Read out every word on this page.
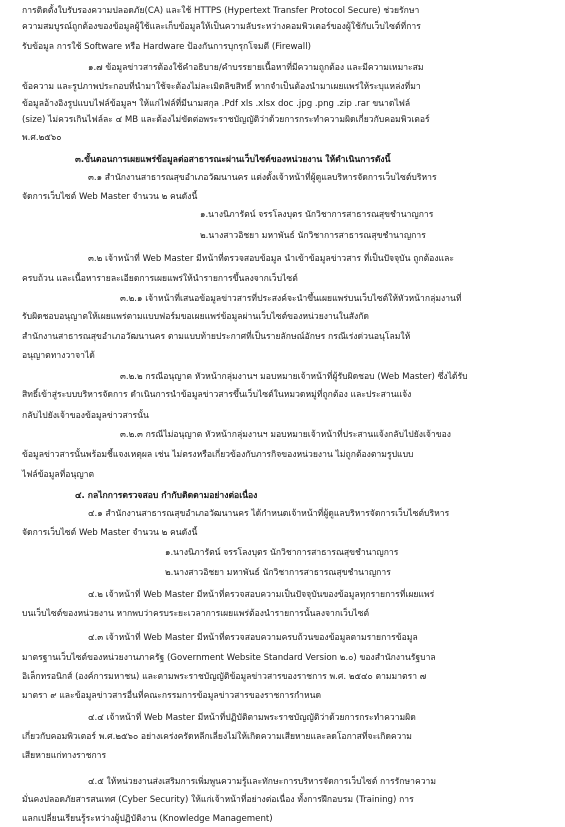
การติดตั้งใบรับรองความปลอดภัย(CA) และใช้ HTTPS (Hypertext Transfer Protocol Secure) ช่วยรักษา

ความสมบูรณ์ถูกต้องของข้อมูลผู้ใช้และเก็บข้อมูลให้เป็นความลับระหว่างคอมพิวเตอร์ของผู้ใช้กับเว็บไซต์ที่การ

รับข้อมูล การใช้ Software หรือ Hardware ป้องกันการบุกรุกโจมตี (Firewall)

๑.๗ ข้อมูลข่าวสารต้องใช้คำอธิบาย/คำบรรยายเนื้อหาที่มีความถูกต้อง และมีความเหมาะสม

ข้อความ และรูปภาพประกอบที่นำมาใช้จะต้องไม่ละเมิดลิขสิทธิ์ หากจำเป็นต้องนำมาเผยแพร่ให้ระบุแหล่งที่มา

ข้อมูลอ้างอิงรูปแบบไฟล์ข้อมูลฯ ให้แก่ไฟล์ที่มีนามสกุล .Pdf xls .xlsx doc .jpg .png .zip .rar ขนาดไฟล์

(size) ไม่ควรเกินไฟล์ละ ๔ MB และต้องไม่ขัดต่อพระราชบัญญัติว่าด้วยการกระทำความผิดเกี่ยวกับคอมพิวเตอร์

พ.ศ.๒๕๖๐

๓.ขั้นตอนการเผยแพร่ข้อมูลต่อสาธารณะผ่านเว็บไซต์ของหน่วยงาน ให้ดำเนินการดังนี้

๓.๑ สำนักงานสาธารณสุขอำเภอวัฒนานคร แต่งตั้งเจ้าหน้าที่ผู้ดูแลบริหารจัดการเว็บไซต์บริหาร

จัดการเว็บไซต์ Web Master จำนวน ๒ คนดังนี้

๑.นางนิภารัตน์ จรรโลงบุตร นักวิชาการสาธารณสุขชำนาญการ

๒.นางสาวอิชยา มหาพันธ์ นักวิชาการสาธารณสุขชำนาญการ

๓.๒ เจ้าหน้าที่ Web Master มีหน้าที่ตรวจสอบข้อมูล นำเข้าข้อมูลข่าวสาร ที่เป็นปัจจุบัน ถูกต้องและ

ครบถ้วน และเนื้อหารายละเอียดการเผยแพร่ให้นำรายการขึ้นลงจากเว็บไซต์

๓.๒.๑ เจ้าหน้าที่เสนอข้อมูลข่าวสารที่ประสงค์จะนำขึ้นเผยแพร่บนเว็บไซต์ให้หัวหน้ากลุ่มงานที่

รับผิดชอบอนุญาตให้เผยแพร่ตามแบบฟอร์มขอเผยแพร่ข้อมูลผ่านเว็บไซต์ของหน่วยงานในสังกัด

สำนักงานสาธารณสุขอำเภอวัฒนานคร ตามแบบท้ายประกาศที่เป็นรายลักษณ์อักษร กรณีเร่งด่วนอนุโลมให้

อนุญาตทางวาจาได้

๓.๒.๒ กรณีอนุญาต หัวหน้ากลุ่มงานฯ มอบหมายเจ้าหน้าที่ผู้รับผิดชอบ (Web Master) ซึ่งได้รับ

สิทธิ์เข้าสู่ระบบบริหารจัดการ ดำเนินการนำข้อมูลข่าวสารขึ้นเว็บไซต์ในหมวดหมู่ที่ถูกต้อง และประสานแจ้ง

กลับไปยังเจ้าของข้อมูลข่าวสารนั้น

๓.๒.๓ กรณีไม่อนุญาต หัวหน้ากลุ่มงานฯ มอบหมายเจ้าหน้าที่ประสานแจ้งกลับไปยังเจ้าของ

ข้อมูลข่าวสารนั้นพร้อมชี้แจงเหตุผล เช่น ไม่ตรงหรือเกี่ยวข้องกับภารกิจของหน่วยงาน ไม่ถูกต้องตามรูปแบบ

ไฟล์ข้อมูลที่อนุญาต

๔. กลไกการตรวจสอบ กำกับติดตามอย่างต่อเนื่อง

๔.๑ สำนักงานสาธารณสุขอำเภอวัฒนานคร ได้กำหนดเจ้าหน้าที่ผู้ดูแลบริหารจัดการเว็บไซต์บริหาร

จัดการเว็บไซต์ Web Master จำนวน ๒ คนดังนี้

๑.นางนิภารัตน์ จรรโลงบุตร นักวิชาการสาธารณสุขชำนาญการ

๒.นางสาวอิชยา มหาพันธ์ นักวิชาการสาธารณสุขชำนาญการ

๔.๒ เจ้าหน้าที่ Web Master มีหน้าที่ตรวจสอบความเป็นปัจจุบันของข้อมูลทุกรายการที่เผยแพร่

บนเว็บไซต์ของหน่วยงาน หากพบว่าครบระยะเวลาการเผยแพร่ต้องนำรายการนั้นลงจากเว็บไซต์

๔.๓ เจ้าหน้าที่ Web Master มีหน้าที่ตรวจสอบความครบถ้วนของข้อมูลตามรายการข้อมูล

มาตรฐานเว็บไซต์ของหน่วยงานภาครัฐ (Government Website Standard Version ๒.๐) ของสำนักงานรัฐบาล

อิเล็กทรอนิกส์ (องค์การมหาชน) และตามพระราชบัญญัติข้อมูลข่าวสารของราชการ พ.ศ. ๒๕๔๐ ตามมาตรา ๗

มาตรา ๙ และข้อมูลข่าวสารอื่นที่คณะกรรมการข้อมูลข่าวสารของราชการกำหนด

๔.๔ เจ้าหน้าที่ Web Master มีหน้าที่ปฏิบัติตามพระราชบัญญัติว่าด้วยการกระทำความผิด

เกี่ยวกับคอมพิวเตอร์ พ.ศ.๒๕๖๐ อย่างเคร่งครัดหลีกเลี่ยงไม่ให้เกิดความเสียหายและลดโอกาสที่จะเกิดความ

เสียหายแก่ทางราชการ

๔.๕ ให้หน่วยงานส่งเสริมการเพิ่มพูนความรู้และทักษะการบริหารจัดการเว็บไซต์ การรักษาความ

มั่นคงปลอดภัยสารสนเทศ (Cyber Security) ให้แก่เจ้าหน้าที่อย่างต่อเนื่อง ทั้งการฝึกอบรม (Training) การ

แลกเปลี่ยนเรียนรู้ระหว่างผู้ปฏิบัติงาน (Knowledge Management)
